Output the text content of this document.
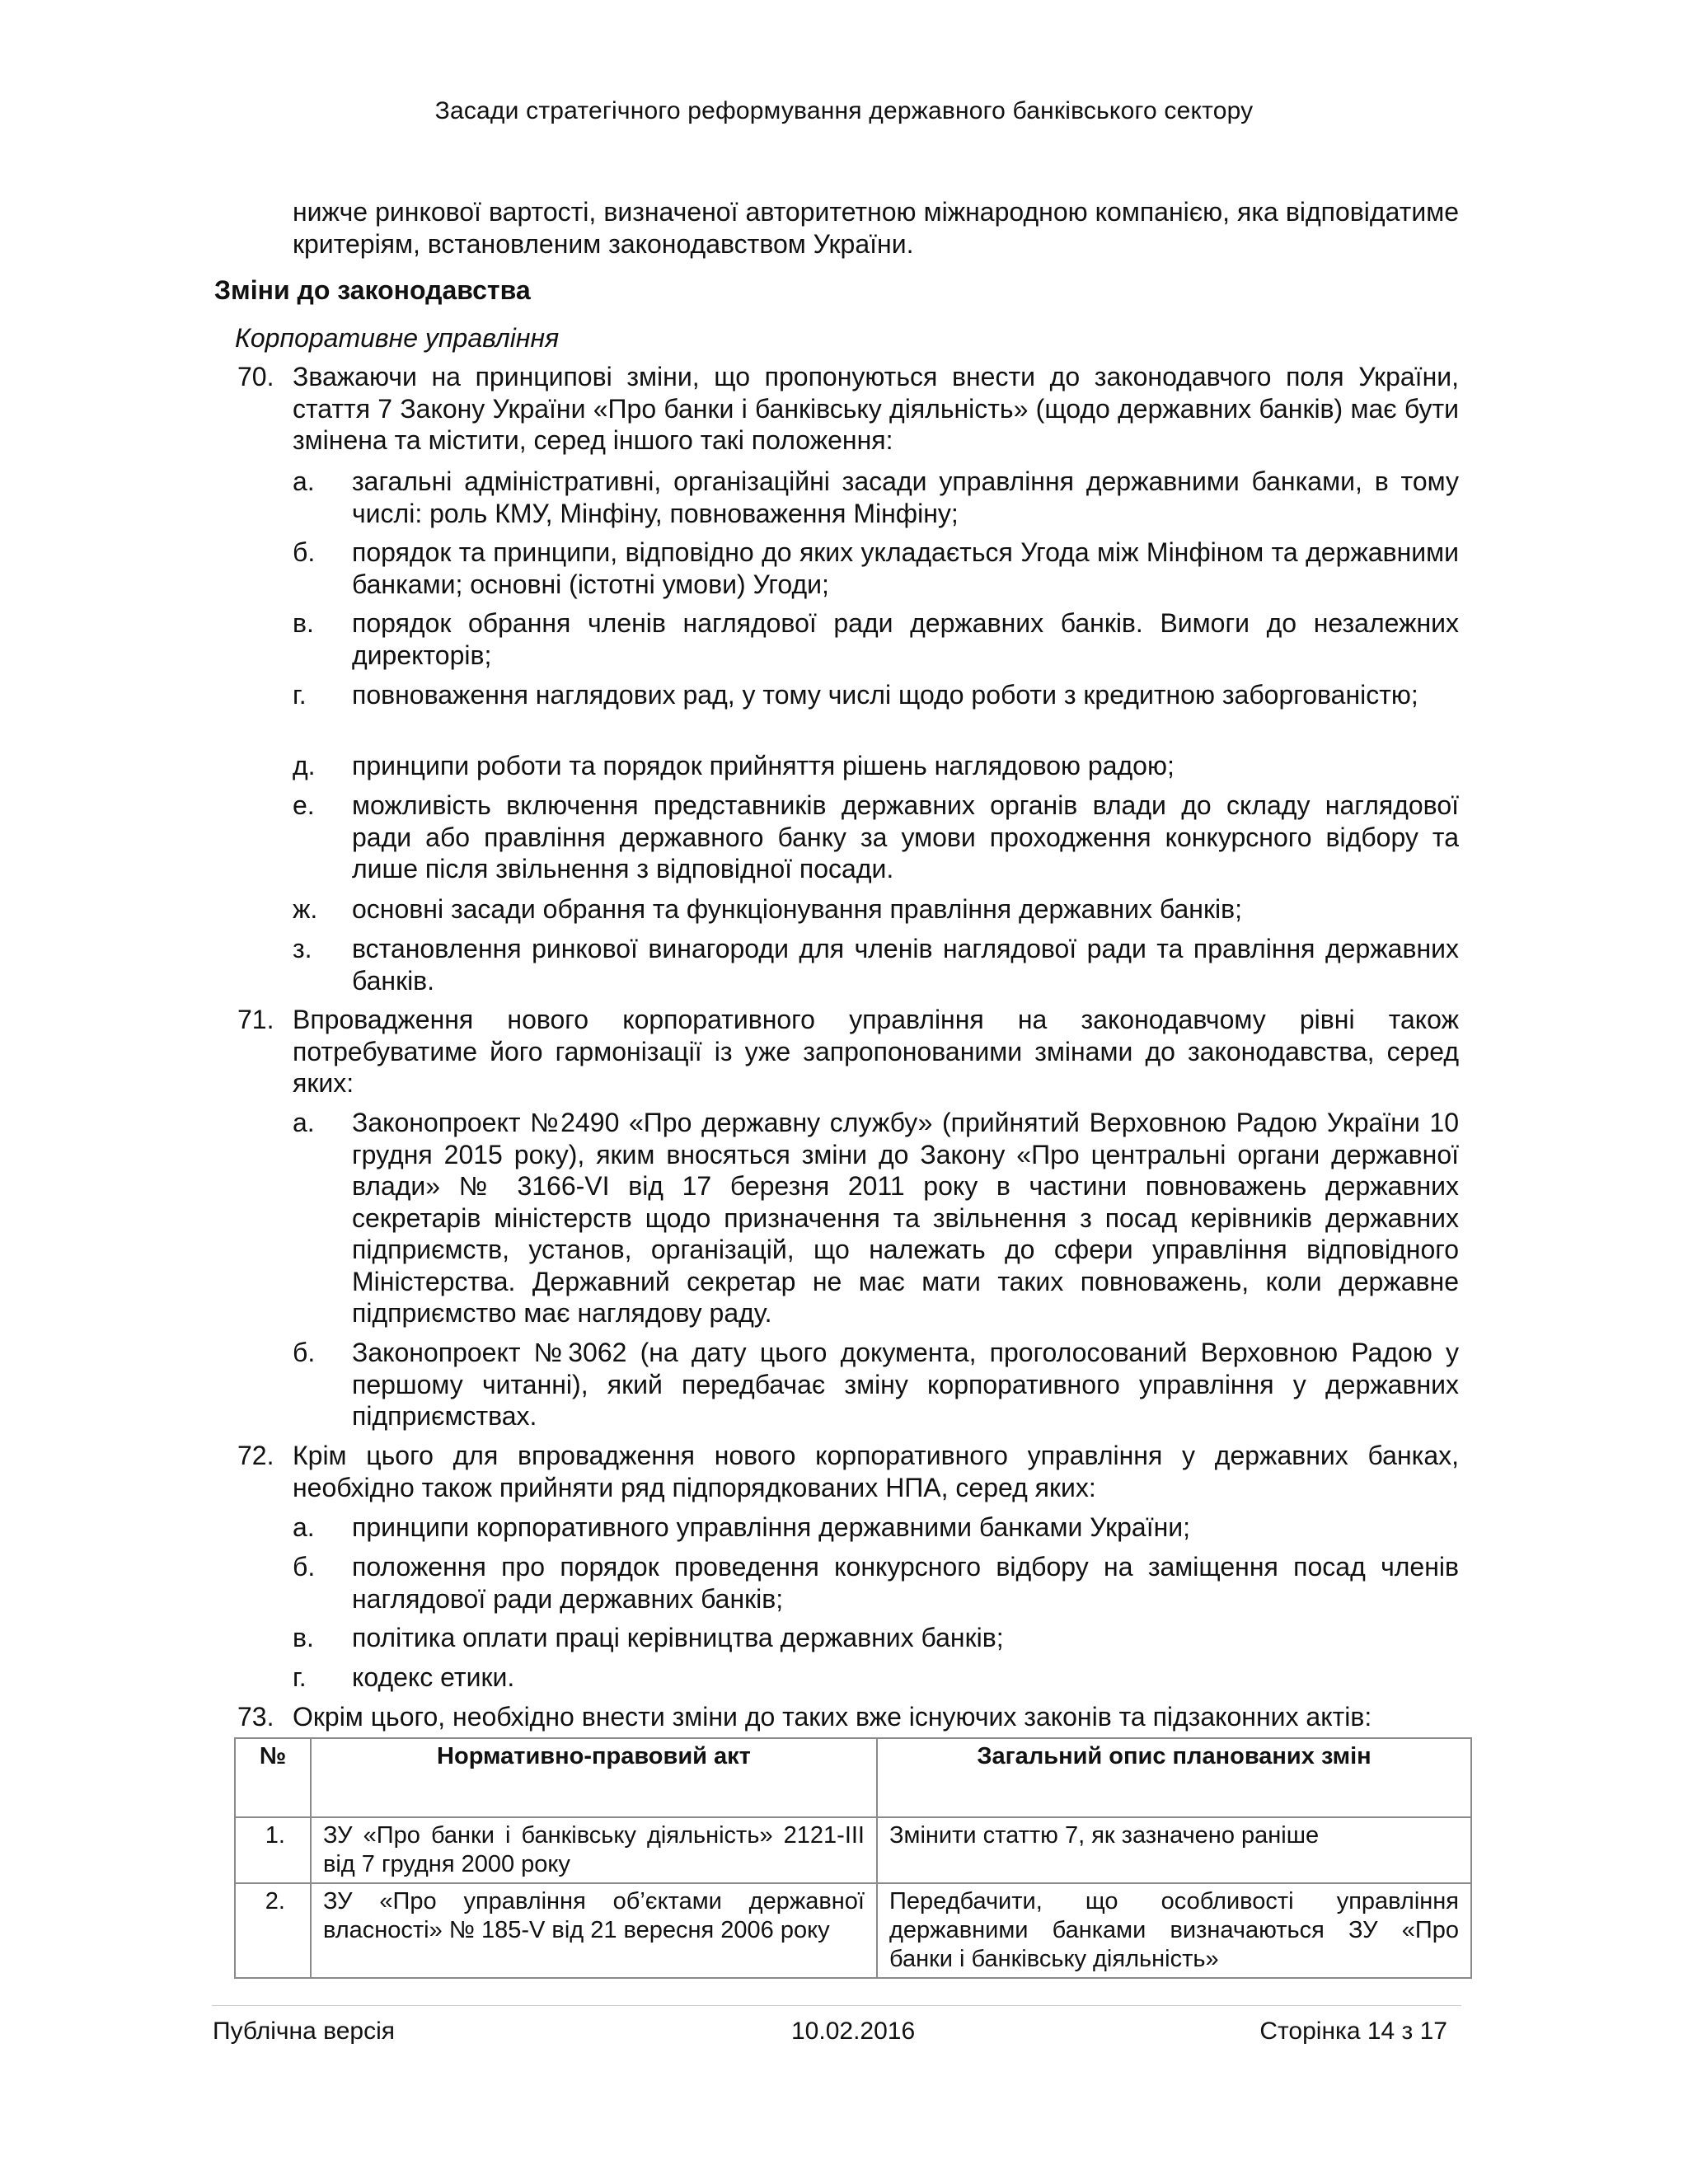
Засади стратегічного реформування державного банківського сектору
нижче ринкової вартості, визначеної авторитетною міжнародною компанією, яка відповідатиме критеріям, встановленим законодавством України.
Зміни до законодавства
Корпоративне управління
70. Зважаючи на принципові зміни, що пропонуються внести до законодавчого поля України, стаття 7 Закону України «Про банки і банківську діяльність» (щодо державних банків) має бути змінена та містити, серед іншого такі положення:
а. загальні адміністративні, організаційні засади управління державними банками, в тому числі: роль КМУ, Мінфіну, повноваження Мінфіну;
б. порядок та принципи, відповідно до яких укладається Угода між Мінфіном та державними банками; основні (істотні умови) Угоди;
в. порядок обрання членів наглядової ради державних банків. Вимоги до незалежних директорів;
г. повноваження наглядових рад, у тому числі щодо роботи з кредитною заборгованістю;
д. принципи роботи та порядок прийняття рішень наглядовою радою;
е. можливість включення представників державних органів влади до складу наглядової ради або правління державного банку за умови проходження конкурсного відбору та лише після звільнення з відповідної посади.
ж. основні засади обрання та функціонування правління державних банків;
з. встановлення ринкової винагороди для членів наглядової ради та правління державних банків.
71. Впровадження нового корпоративного управління на законодавчому рівні також потребуватиме його гармонізації із уже запропонованими змінами до законодавства, серед яких:
а. Законопроект №2490 «Про державну службу» (прийнятий Верховною Радою України 10 грудня 2015 року), яким вносяться зміни до Закону «Про центральні органи державної влади» № 3166-VI від 17 березня 2011 року в частини повноважень державних секретарів міністерств щодо призначення та звільнення з посад керівників державних підприємств, установ, організацій, що належать до сфери управління відповідного Міністерства. Державний секретар не має мати таких повноважень, коли державне підприємство має наглядову раду.
б. Законопроект №3062 (на дату цього документа, проголосований Верховною Радою у першому читанні), який передбачає зміну корпоративного управління у державних підприємствах.
72. Крім цього для впровадження нового корпоративного управління у державних банках, необхідно також прийняти ряд підпорядкованих НПА, серед яких:
а. принципи корпоративного управління державними банками України;
б. положення про порядок проведення конкурсного відбору на заміщення посад членів наглядової ради державних банків;
в. політика оплати праці керівництва державних банків;
г. кодекс етики.
73. Окрім цього, необхідно внести зміни до таких вже існуючих законів та підзаконних актів:
№	Нормативно-правовий акт	Загальний опис планованих змін
1.	ЗУ «Про банки і банківську діяльність» 2121-III від 7 грудня 2000 року	Змінити статтю 7, як зазначено раніше
2.	ЗУ «Про управління об’єктами державної власності» № 185-V від 21 вересня 2006 року	Передбачити, що особливості управління державними банками визначаються ЗУ «Про банки і банківську діяльність»
Публічна версія	10.02.2016	Сторінка 14 з 17
